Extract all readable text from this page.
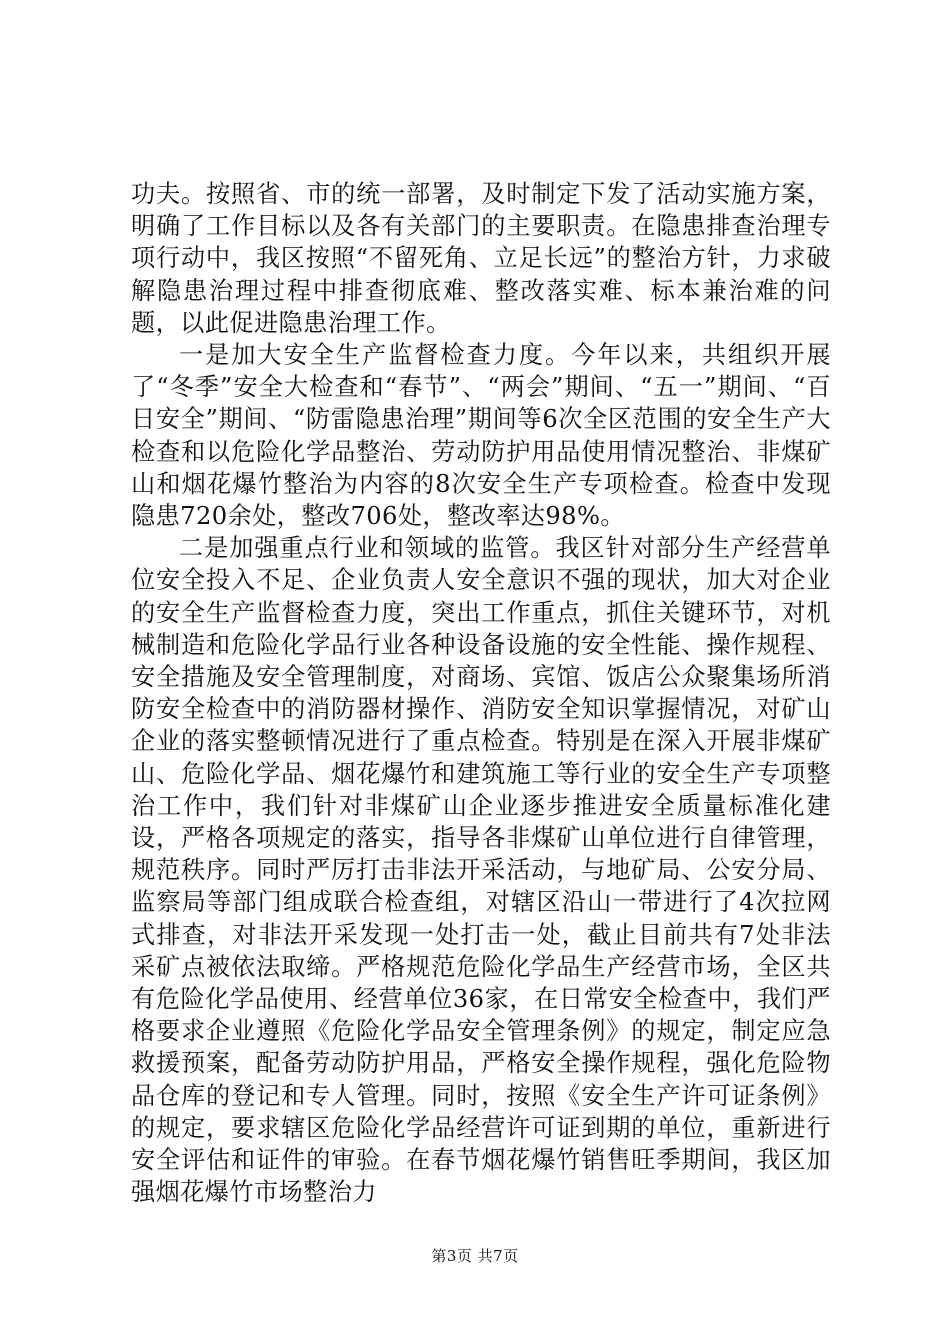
功夫。按照省、市的统一部署，及时制定下发了活动实施方案，明确了工作目标以及各有关部门的主要职责。在隐患排查治理专项行动中，我区按照“不留死角、立足长远”的整治方针，力求破解隐患治理过程中排查彻底难、整改落实难、标本兼治难的问题，以此促进隐患治理工作。

一是加大安全生产监督检查力度。今年以来，共组织开展了“冬季”安全大检查和“春节”、“两会”期间、“五一”期间、“百日安全”期间、“防雷隐患治理”期间等6次全区范围的安全生产大检查和以危险化学品整治、劳动防护用品使用情况整治、非煤矿山和烟花爆竹整治为内容的8次安全生产专项检查。检查中发现隐患720余处，整改706处，整改率达98%。

二是加强重点行业和领域的监管。我区针对部分生产经营单位安全投入不足、企业负责人安全意识不强的现状，加大对企业的安全生产监督检查力度，突出工作重点，抓住关键环节，对机械制造和危险化学品行业各种设备设施的安全性能、操作规程、安全措施及安全管理制度，对商场、宾馆、饭店公众聚集场所消防安全检查中的消防器材操作、消防安全知识掌握情况，对矿山企业的落实整顿情况进行了重点检查。特别是在深入开展非煤矿山、危险化学品、烟花爆竹和建筑施工等行业的安全生产专项整治工作中，我们针对非煤矿山企业逐步推进安全质量标准化建设，严格各项规定的落实，指导各非煤矿山单位进行自律管理，规范秩序。同时严厉打击非法开采活动，与地矿局、公安分局、监察局等部门组成联合检查组，对辖区沿山一带进行了4次拉网式排查，对非法开采发现一处打击一处，截止目前共有7处非法采矿点被依法取缔。严格规范危险化学品生产经营市场，全区共有危险化学品使用、经营单位36家，在日常安全检查中，我们严格要求企业遵照《危险化学品安全管理条例》的规定，制定应急救援预案，配备劳动防护用品，严格安全操作规程，强化危险物品仓库的登记和专人管理。同时，按照《安全生产许可证条例》的规定，要求辖区危险化学品经营许可证到期的单位，重新进行安全评估和证件的审验。在春节烟花爆竹销售旺季期间，我区加强烟花爆竹市场整治力

第3页 共7页
